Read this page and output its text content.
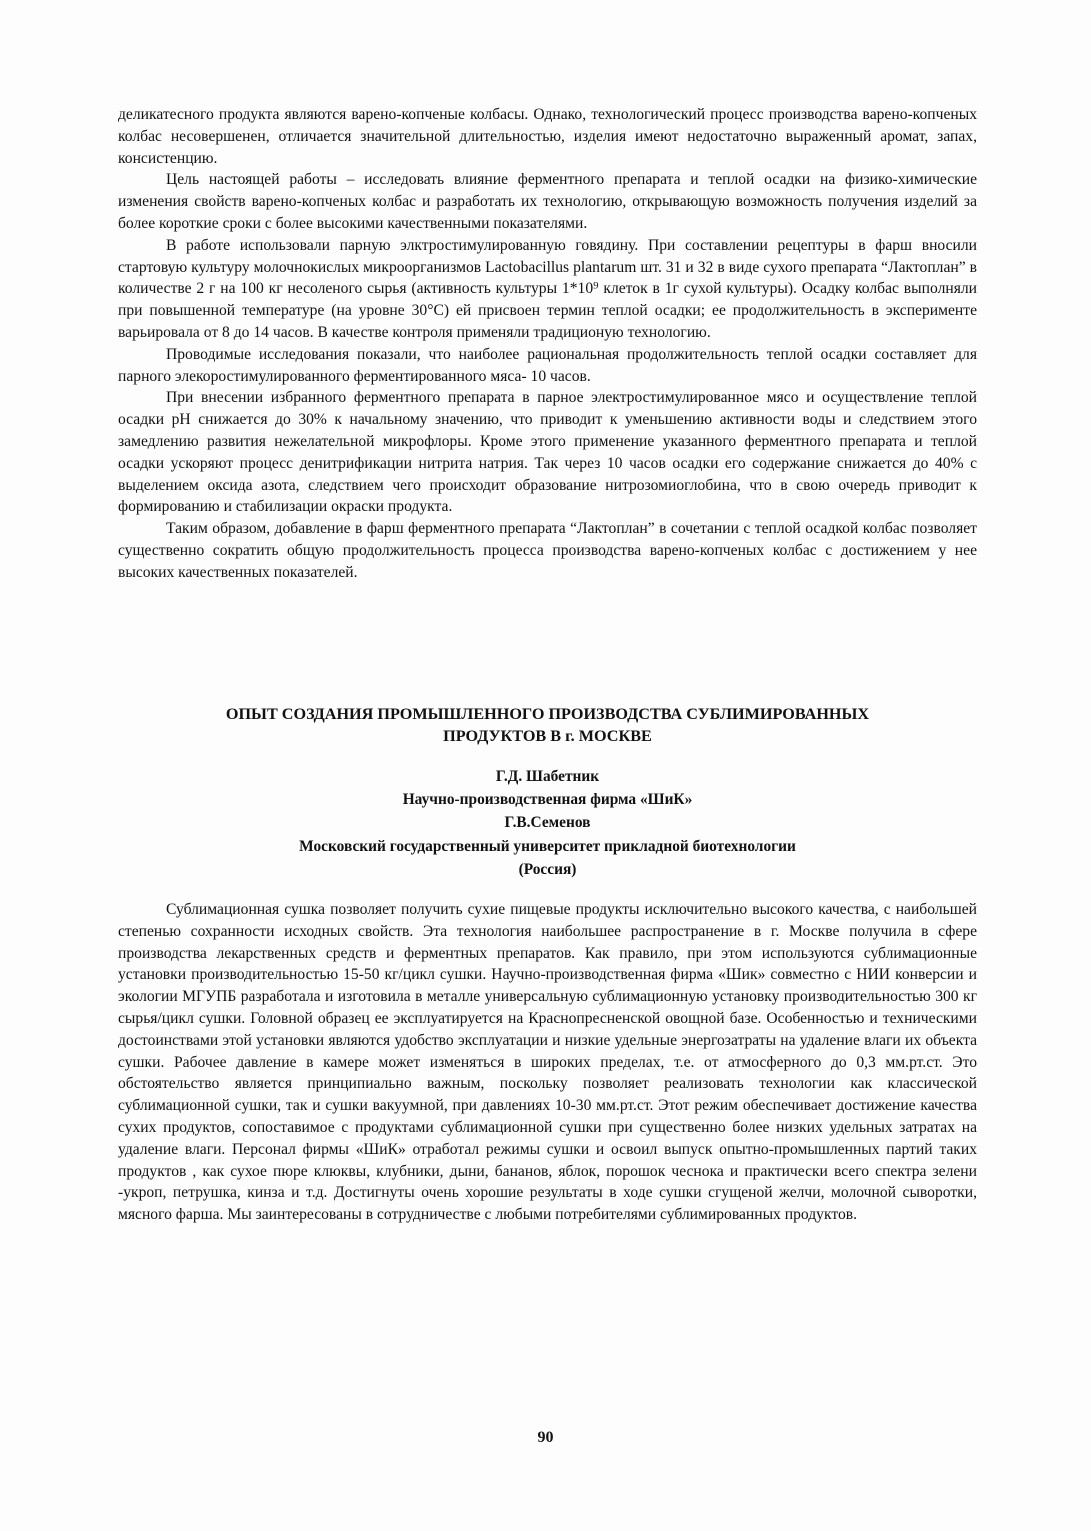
деликатесного продукта являются варено-копченые колбасы. Однако, технологический процесс производства варено-копченых колбас несовершенен, отличается значительной длительностью, изделия имеют недостаточно выраженный аромат, запах, консистенцию.

Цель настоящей работы – исследовать влияние ферментного препарата и теплой осадки на физико-химические изменения свойств варено-копченых колбас и разработать их технологию, открывающую возможность получения изделий за более короткие сроки с более высокими качественными показателями.

В работе использовали парную элктростимулированную говядину. При составлении рецептуры в фарш вносили стартовую культуру молочнокислых микроорганизмов Lactobacillus plantarum шт. 31 и 32 в виде сухого препарата “Лактоплан” в количестве 2 г на 100 кг несоленого сырья (активность культуры 1*10⁹ клеток в 1г сухой культуры). Осадку колбас выполняли при повышенной температуре (на уровне 30°С) ей присвоен термин теплой осадки; ее продолжительность в эксперименте варьировала от 8 до 14 часов. В качестве контроля применяли традиционую технологию.

Проводимые исследования показали, что наиболее рациональная продолжительность теплой осадки составляет для парного элекоростимулированного ферментированного мяса- 10 часов.

При внесении избранного ферментного препарата в парное электростимулированное мясо и осуществление теплой осадки рН снижается до 30% к начальному значению, что приводит к уменьшению активности воды и следствием этого замедлению развития нежелательной микрофлоры. Кроме этого применение указанного ферментного препарата и теплой осадки ускоряют процесс денитрификации нитрита натрия. Так через 10 часов осадки его содержание снижается до 40% с выделением оксида азота, следствием чего происходит образование нитрозомиоглобина, что в свою очередь приводит к формированию и стабилизации окраски продукта.

Таким образом, добавление в фарш ферментного препарата “Лактоплан” в сочетании с теплой осадкой колбас позволяет существенно сократить общую продолжительность процесса производства варено-копченых колбас с достижением у нее высоких качественных показателей.

ОПЫТ СОЗДАНИЯ ПРОМЫШЛЕННОГО ПРОИЗВОДСТВА СУБЛИМИРОВАННЫХ
ПРОДУКТОВ В г. МОСКВЕ
Г.Д. Шабетник
Научно-производственная фирма «ШиК»
Г.В.Семенов
Московский государственный университет прикладной биотехнологии
(Россия)

Сублимационная сушка позволяет получить сухие пищевые продукты исключительно высокого качества, с наибольшей степенью сохранности исходных свойств. Эта технология наибольшее распространение в г. Москве получила в сфере производства лекарственных средств и ферментных препаратов. Как правило, при этом используются сублимационные установки производительностью 15-50 кг/цикл сушки. Научно-производственная фирма «Шик» совместно с НИИ конверсии и экологии МГУПБ разработала и изготовила в металле универсальную сублимационную установку производительностью 300 кг сырья/цикл сушки. Головной образец ее эксплуатируется на Краснопресненской овощной базе. Особенностью и техническими достоинствами этой установки являются удобство эксплуатации и низкие удельные энергозатраты на удаление влаги их объекта сушки. Рабочее давление в камере может изменяться в широких пределах, т.е. от атмосферного до 0,3 мм.рт.ст. Это обстоятельство является принципиально важным, поскольку позволяет реализовать технологии как классической сублимационной сушки, так и сушки вакуумной, при давлениях 10-30 мм.рт.ст. Этот режим обеспечивает достижение качества сухих продуктов, сопоставимое с продуктами сублимационной сушки при существенно более низких удельных затратах на удаление влаги. Персонал фирмы «ШиК» отработал режимы сушки и освоил выпуск опытно-промышленных партий таких продуктов , как сухое пюре клюквы, клубники, дыни, бананов, яблок, порошок чеснока и практически всего спектра зелени -укроп, петрушка, кинза и т.д. Достигнуты очень хорошие результаты в ходе сушки сгущеной желчи, молочной сыворотки, мясного фарша. Мы заинтересованы в сотрудничестве с любыми потребителями сублимированных продуктов.

90
